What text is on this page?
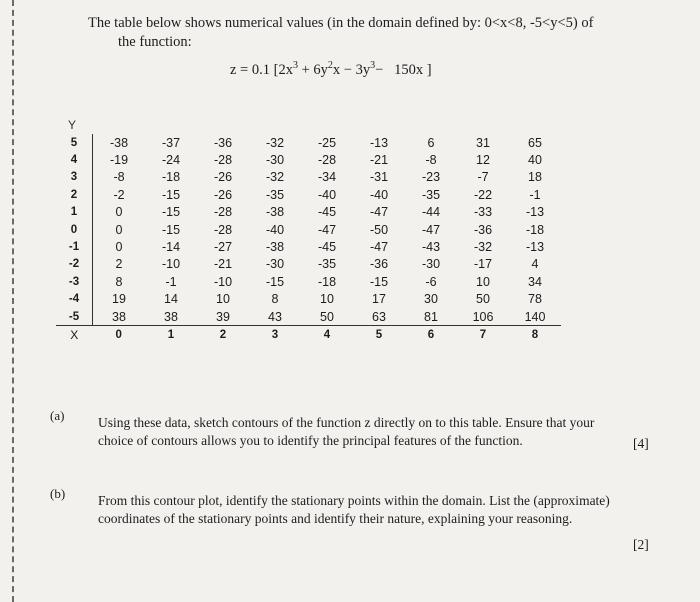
The table below shows numerical values (in the domain defined by: 0<x<8, -5<y<5) of
the function:
z = 0.1 [$2x^3 + 6y^2x - 3y^3- 150x$ ]
Y
5	-38	-37	-36	-32	-25	-13	6	31	65
4	-19	-24	-28	-30	-28	-21	-8	12	40
3	-8	-18	-26	-32	-34	-31	-23	-7	18
2	-2	-15	-26	-35	-40	-40	-35	-22	-1
1	0	-15	-28	-38	-45	-47	-44	-33	-13
0	0	-15	-28	-40	-47	-50	-47	-36	-18
-1	0	-14	-27	-38	-45	-47	-43	-32	-13
-2	2	-10	-21	-30	-35	-36	-30	-17	4
-3	8	-1	-10	-15	-18	-15	-6	10	34
-4	19	14	10	8	10	17	30	50	78
-5	38	38	39	43	50	63	81	106	140
X	0	1	2	3	4	5	6	7	8
(a) Using these data, sketch contours of the function z directly on to this table. Ensure that your
choice of contours allows you to identify the principal features of the function.	[4]
(b) From this contour plot, identify the stationary points within the domain. List the (approximate)
coordinates of the stationary points and identify their nature, explaining your reasoning.
[2]
